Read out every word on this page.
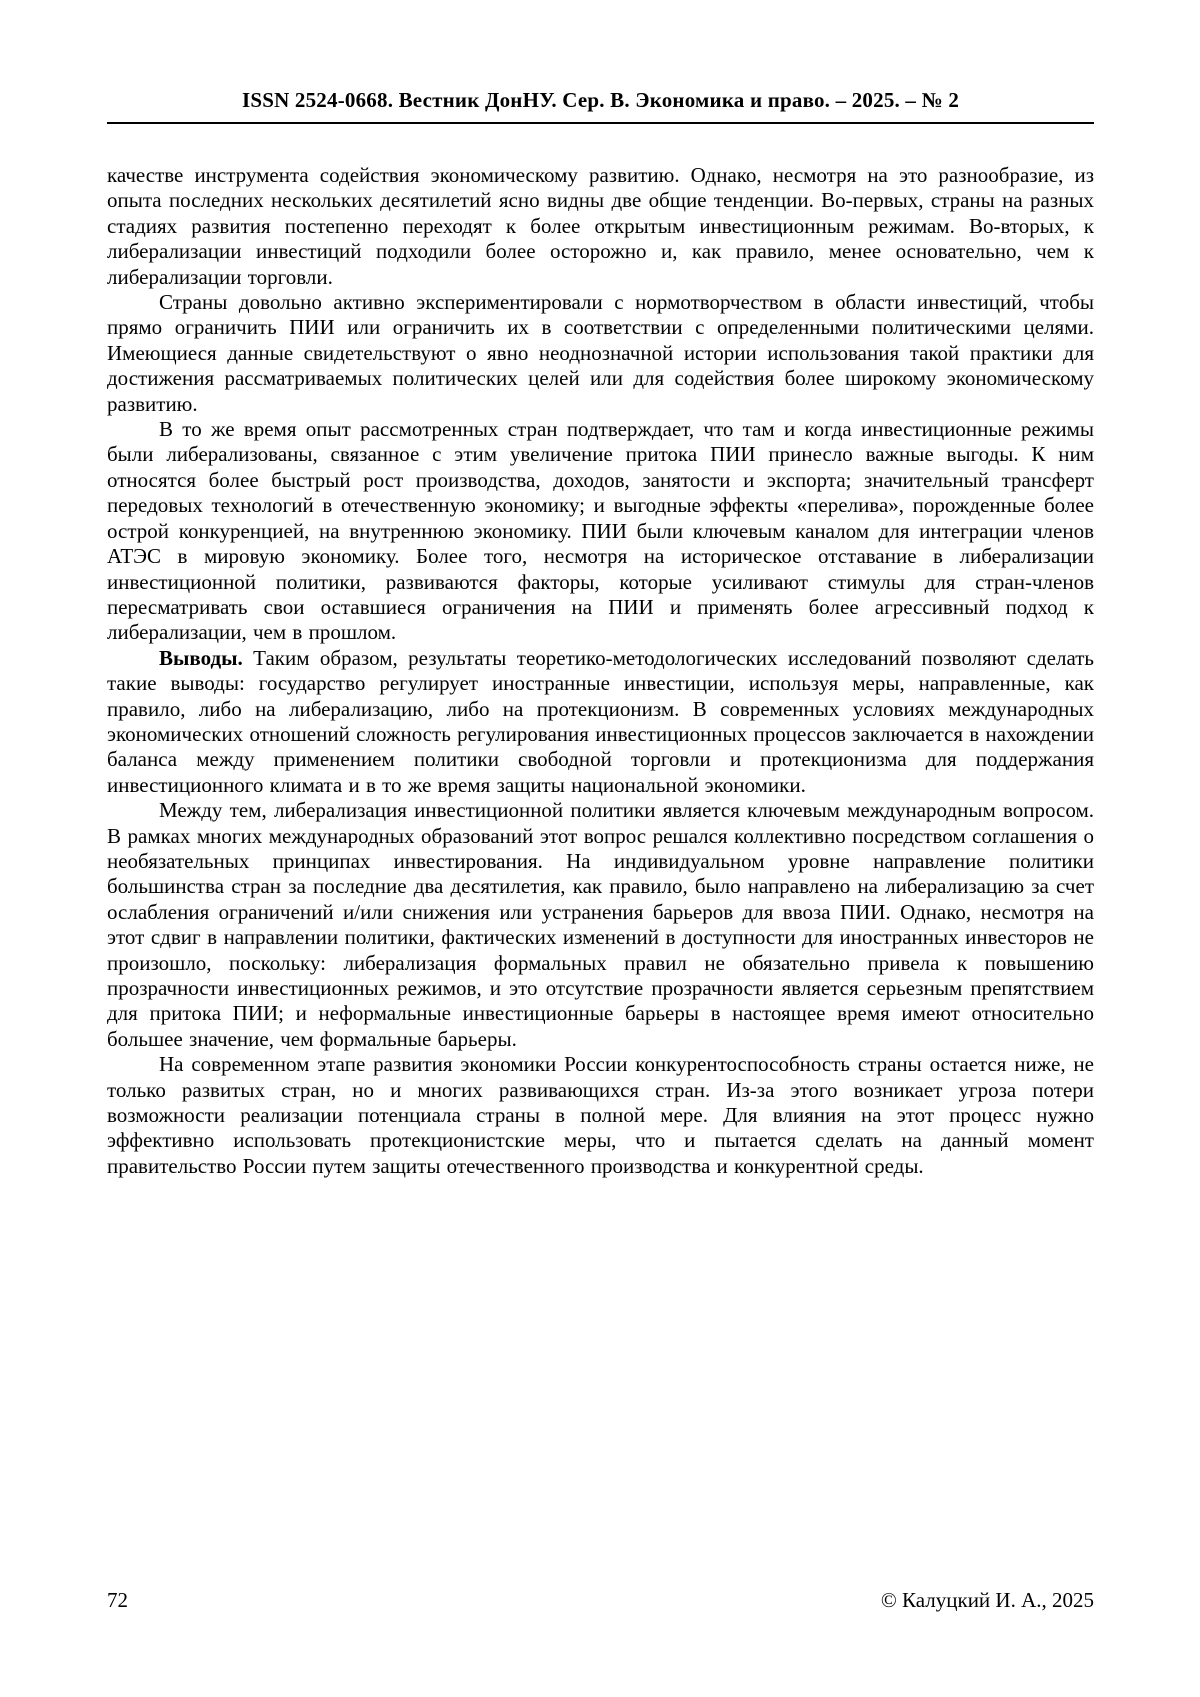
ISSN 2524-0668. Вестник ДонНУ. Сер. В. Экономика и право. – 2025. – № 2

качестве инструмента содействия экономическому развитию. Однако, несмотря на это разнообразие, из опыта последних нескольких десятилетий ясно видны две общие тенденции. Во-первых, страны на разных стадиях развития постепенно переходят к более открытым инвестиционным режимам. Во-вторых, к либерализации инвестиций подходили более осторожно и, как правило, менее основательно, чем к либерализации торговли.

Страны довольно активно экспериментировали с нормотворчеством в области инвестиций, чтобы прямо ограничить ПИИ или ограничить их в соответствии с определенными политическими целями. Имеющиеся данные свидетельствуют о явно неоднозначной истории использования такой практики для достижения рассматриваемых политических целей или для содействия более широкому экономическому развитию.

В то же время опыт рассмотренных стран подтверждает, что там и когда инвестиционные режимы были либерализованы, связанное с этим увеличение притока ПИИ принесло важные выгоды. К ним относятся более быстрый рост производства, доходов, занятости и экспорта; значительный трансферт передовых технологий в отечественную экономику; и выгодные эффекты «перелива», порожденные более острой конкуренцией, на внутреннюю экономику. ПИИ были ключевым каналом для интеграции членов АТЭС в мировую экономику. Более того, несмотря на историческое отставание в либерализации инвестиционной политики, развиваются факторы, которые усиливают стимулы для стран-членов пересматривать свои оставшиеся ограничения на ПИИ и применять более агрессивный подход к либерализации, чем в прошлом.

Выводы. Таким образом, результаты теоретико-методологических исследований позволяют сделать такие выводы: государство регулирует иностранные инвестиции, используя меры, направленные, как правило, либо на либерализацию, либо на протекционизм. В современных условиях международных экономических отношений сложность регулирования инвестиционных процессов заключается в нахождении баланса между применением политики свободной торговли и протекционизма для поддержания инвестиционного климата и в то же время защиты национальной экономики.

Между тем, либерализация инвестиционной политики является ключевым международным вопросом. В рамках многих международных образований этот вопрос решался коллективно посредством соглашения о необязательных принципах инвестирования. На индивидуальном уровне направление политики большинства стран за последние два десятилетия, как правило, было направлено на либерализацию за счет ослабления ограничений и/или снижения или устранения барьеров для ввоза ПИИ. Однако, несмотря на этот сдвиг в направлении политики, фактических изменений в доступности для иностранных инвесторов не произошло, поскольку: либерализация формальных правил не обязательно привела к повышению прозрачности инвестиционных режимов, и это отсутствие прозрачности является серьезным препятствием для притока ПИИ; и неформальные инвестиционные барьеры в настоящее время имеют относительно большее значение, чем формальные барьеры.

На современном этапе развития экономики России конкурентоспособность страны остается ниже, не только развитых стран, но и многих развивающихся стран. Из-за этого возникает угроза потери возможности реализации потенциала страны в полной мере. Для влияния на этот процесс нужно эффективно использовать протекционистские меры, что и пытается сделать на данный момент правительство России путем защиты отечественного производства и конкурентной среды.

72	© Калуцкий И. А., 2025
